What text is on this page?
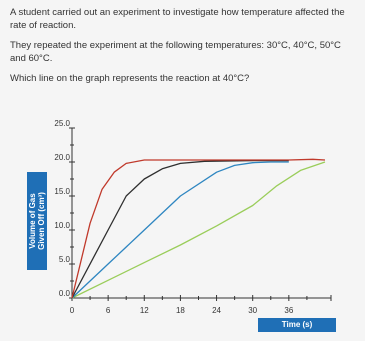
A student carried out an experiment to investigate how temperature affected the rate of reaction.

They repeated the experiment at the following temperatures: 30°C, 40°C, 50°C
and 60°C.

Which line on the graph represents the reaction at 40°C?

0.0
5.0
10.0
15.0
20.0
25.0
0	6	12	18	24	30	36
Volume of Gas Given Off (cm³)
Time (s)
